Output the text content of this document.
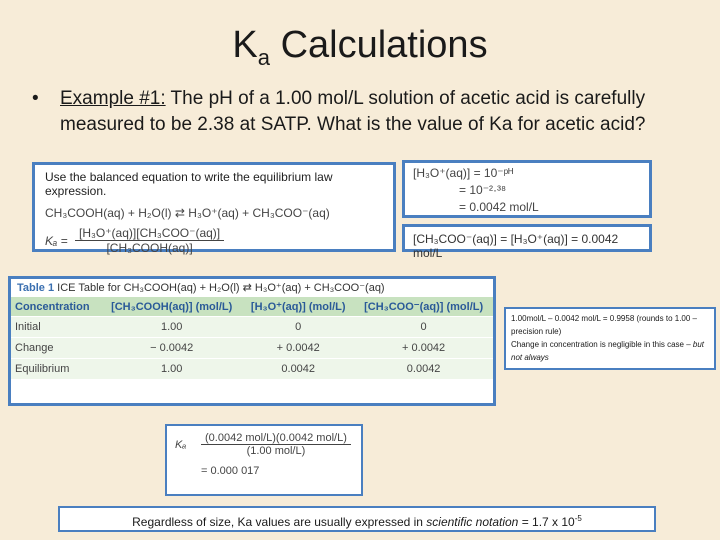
$K_a$ Calculations
• Example #1: The pH of a 1.00 mol/L solution of acetic acid is carefully measured to be 2.38 at SATP. What is the value of Ka for acetic acid?
Use the balanced equation to write the equilibrium law expression.
CH₃COOH(aq) + H₂O(l) ⇄ H₃O⁺(aq) + CH₃COO⁻(aq)
$K_a = \frac{\text{[H₃O⁺(aq)][CH₃COO⁻(aq)]}}{\text{[CH₃COOH(aq)]}}$
[H₃O⁺(aq)] = 10⁻ᵖᴴ
= 10⁻²·³⁸
= 0.0042 mol/L
[CH₃COO⁻(aq)] = [H₃O⁺(aq)] = 0.0042 mol/L
Table 1 ICE Table for CH₃COOH(aq) + H₂O(l) ⇄ H₃O⁺(aq) + CH₃COO⁻(aq)
Concentration	[CH₃COOH(aq)] (mol/L)	[H₃O⁺(aq)] (mol/L)	[CH₃COO⁻(aq)] (mol/L)
Initial	1.00	0	0
Change	− 0.0042	+ 0.0042	+ 0.0042
Equilibrium	1.00	0.0042	0.0042
1.00mol/L – 0.0042 mol/L = 0.9958 (rounds to 1.00 – precision rule)
Change in concentration is negligible in this case – but not always
Kₐ	$\frac{\text{(0.0042 mol/L)(0.0042 mol/L)}}{\text{(1.00 mol/L)}}$
= 0.000 017
Regardless of size, Ka values are usually expressed in scientific notation = 1.7 x $10^{-5}$
